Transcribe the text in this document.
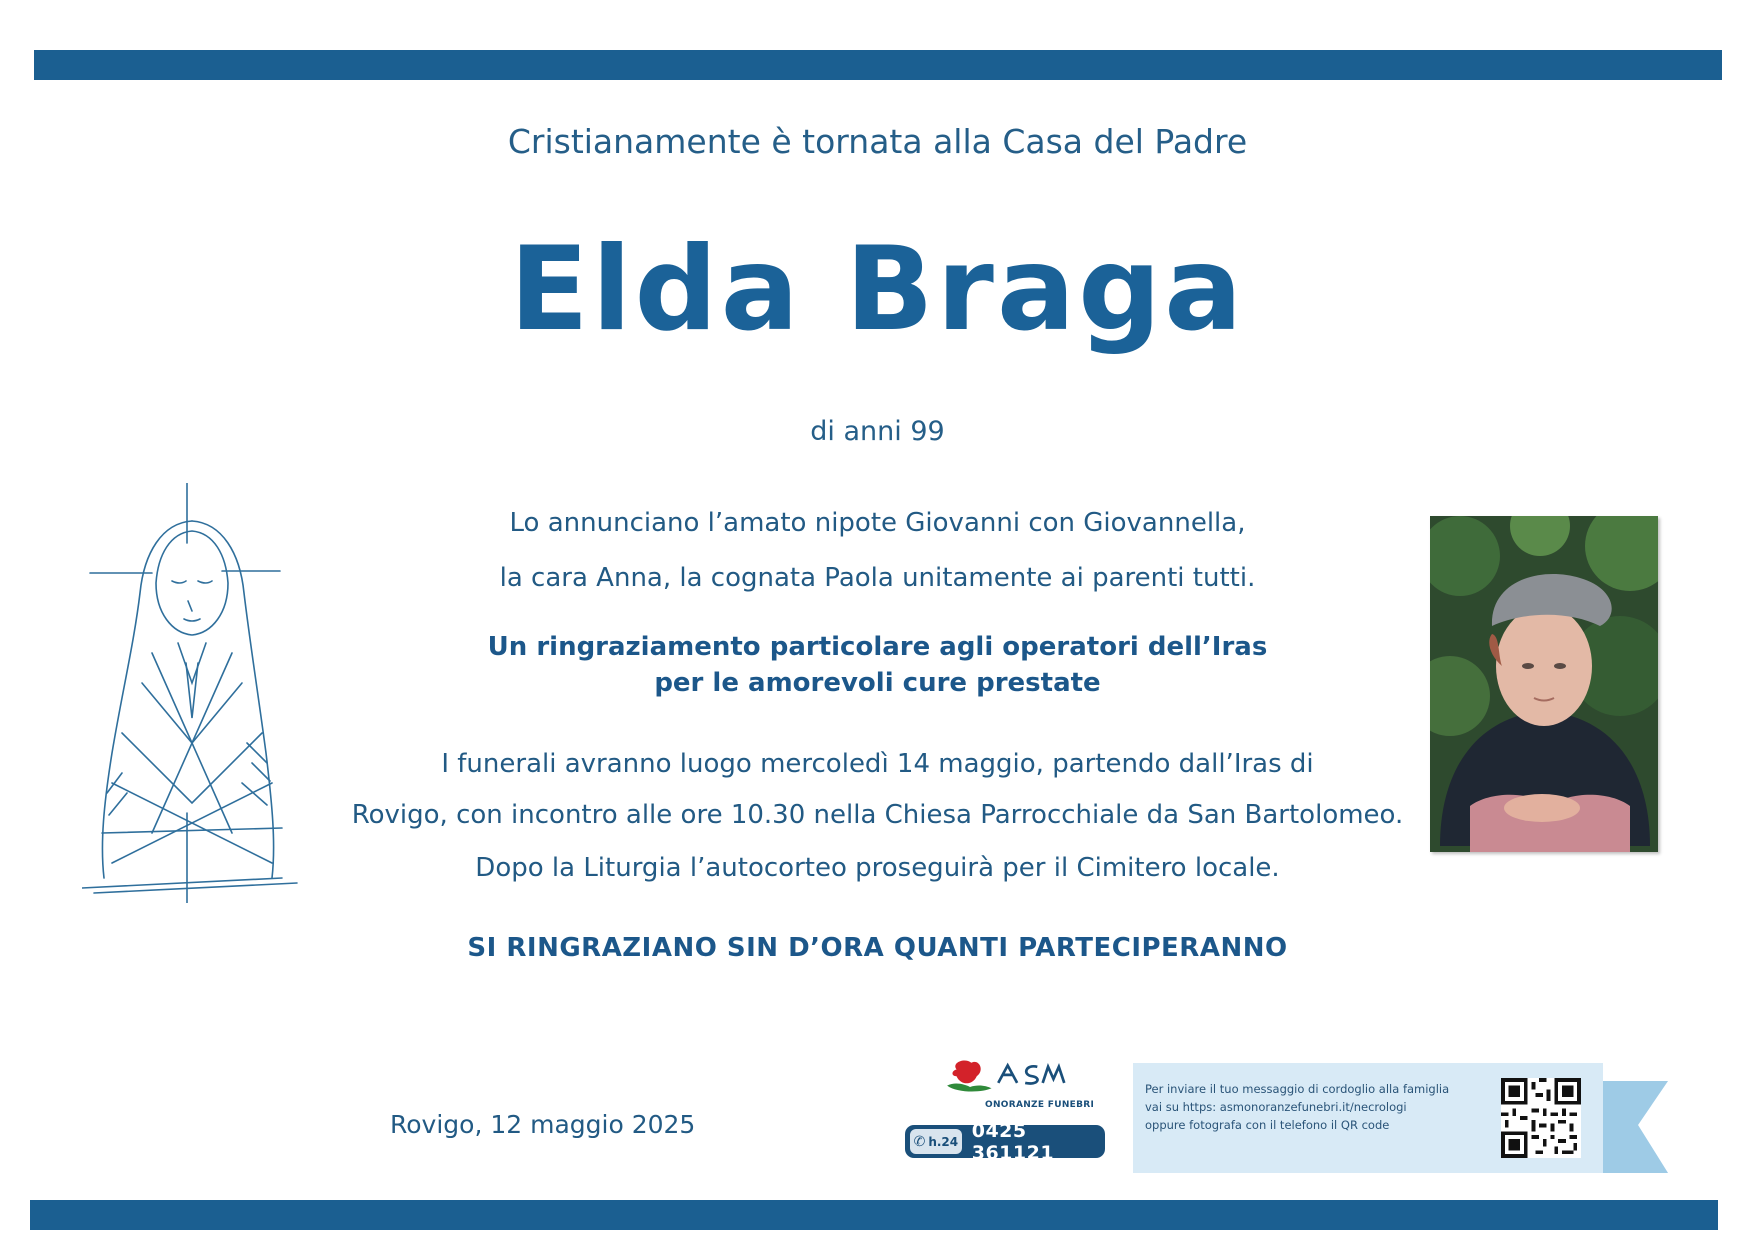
Cristianamente è tornata alla Casa del Padre
Elda Braga
di anni 99
Lo annunciano l’amato nipote Giovanni con Giovannella,
la cara Anna, la cognata Paola unitamente ai parenti tutti.
Un ringraziamento particolare agli operatori dell’Iras
per le amorevoli cure prestate
I funerali avranno luogo mercoledì 14 maggio, partendo dall’Iras di
Rovigo, con incontro alle ore 10.30 nella Chiesa Parrocchiale da San Bartolomeo.
Dopo la Liturgia l’autocorteo proseguirà per il Cimitero locale.
SI RINGRAZIANO SIN D’ORA QUANTI PARTECIPERANNO
Rovigo, 12 maggio 2025
ONORANZE FUNEBRI
✆ h.24 0425 361121
Per inviare il tuo messaggio di cordoglio alla famiglia
vai su https: asmonoranzefunebri.it/necrologi
oppure fotografa con il telefono il QR code
